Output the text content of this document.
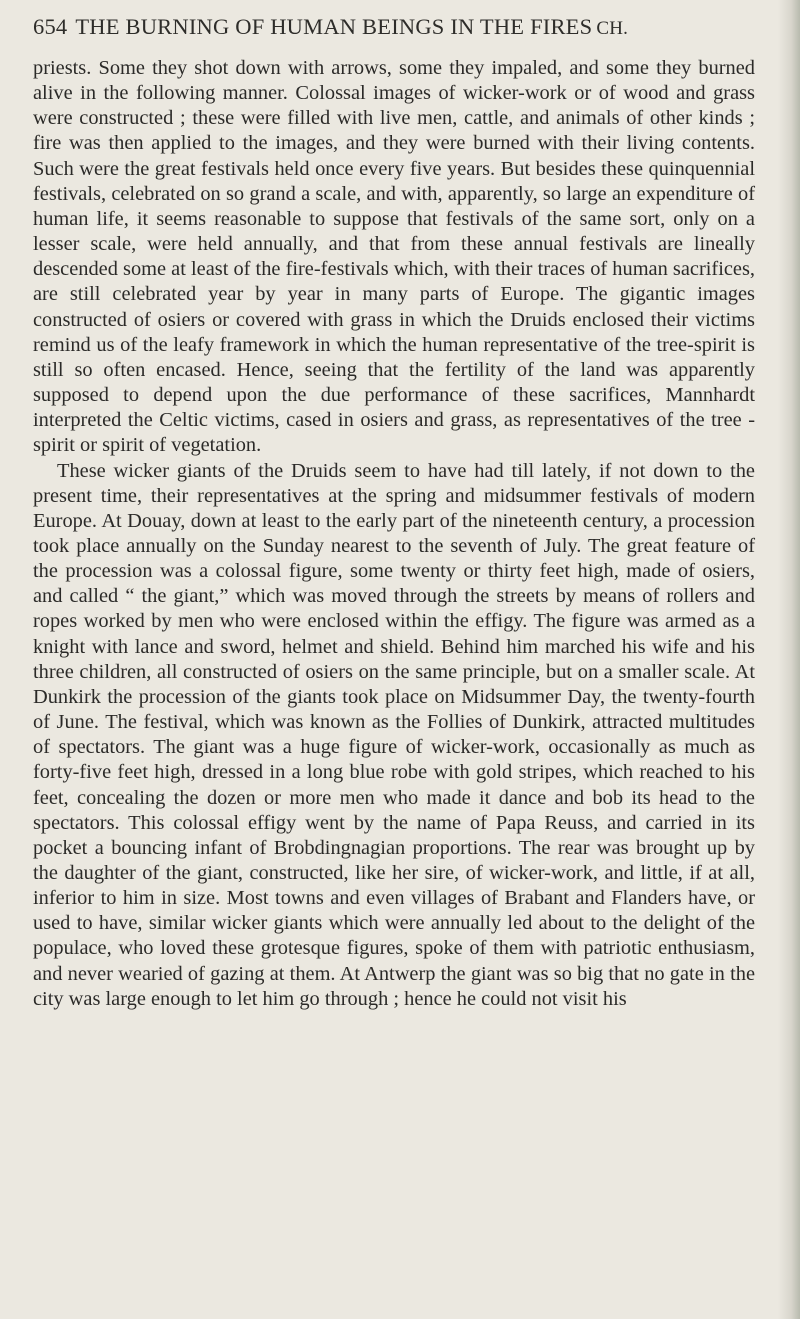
654 THE BURNING OF HUMAN BEINGS IN THE FIRES CH.

priests. Some they shot down with arrows, some they impaled, and some they burned alive in the following manner. Colossal images of wicker-work or of wood and grass were constructed ; these were filled with live men, cattle, and animals of other kinds ; fire was then applied to the images, and they were burned with their living contents. Such were the great festivals held once every five years. But besides these quinquennial festivals, celebrated on so grand a scale, and with, apparently, so large an expenditure of human life, it seems reasonable to suppose that festivals of the same sort, only on a lesser scale, were held annually, and that from these annual festivals are lineally descended some at least of the fire-festivals which, with their traces of human sacrifices, are still celebrated year by year in many parts of Europe. The gigantic images constructed of osiers or covered with grass in which the Druids enclosed their victims remind us of the leafy framework in which the human representative of the tree-spirit is still so often encased. Hence, seeing that the fertility of the land was apparently supposed to depend upon the due performance of these sacrifices, Mannhardt interpreted the Celtic victims, cased in osiers and grass, as representatives of the tree - spirit or spirit of vegetation.

These wicker giants of the Druids seem to have had till lately, if not down to the present time, their representatives at the spring and midsummer festivals of modern Europe. At Douay, down at least to the early part of the nineteenth century, a procession took place annually on the Sunday nearest to the seventh of July. The great feature of the procession was a colossal figure, some twenty or thirty feet high, made of osiers, and called “ the giant,” which was moved through the streets by means of rollers and ropes worked by men who were enclosed within the effigy. The figure was armed as a knight with lance and sword, helmet and shield. Behind him marched his wife and his three children, all constructed of osiers on the same principle, but on a smaller scale. At Dunkirk the procession of the giants took place on Midsummer Day, the twenty-fourth of June. The festival, which was known as the Follies of Dunkirk, attracted multitudes of spectators. The giant was a huge figure of wicker-work, occasionally as much as forty-five feet high, dressed in a long blue robe with gold stripes, which reached to his feet, concealing the dozen or more men who made it dance and bob its head to the spectators. This colossal effigy went by the name of Papa Reuss, and carried in its pocket a bouncing infant of Brobdingnagian proportions. The rear was brought up by the daughter of the giant, constructed, like her sire, of wicker-work, and little, if at all, inferior to him in size. Most towns and even villages of Brabant and Flanders have, or used to have, similar wicker giants which were annually led about to the delight of the populace, who loved these grotesque figures, spoke of them with patriotic enthusiasm, and never wearied of gazing at them. At Antwerp the giant was so big that no gate in the city was large enough to let him go through ; hence he could not visit his
